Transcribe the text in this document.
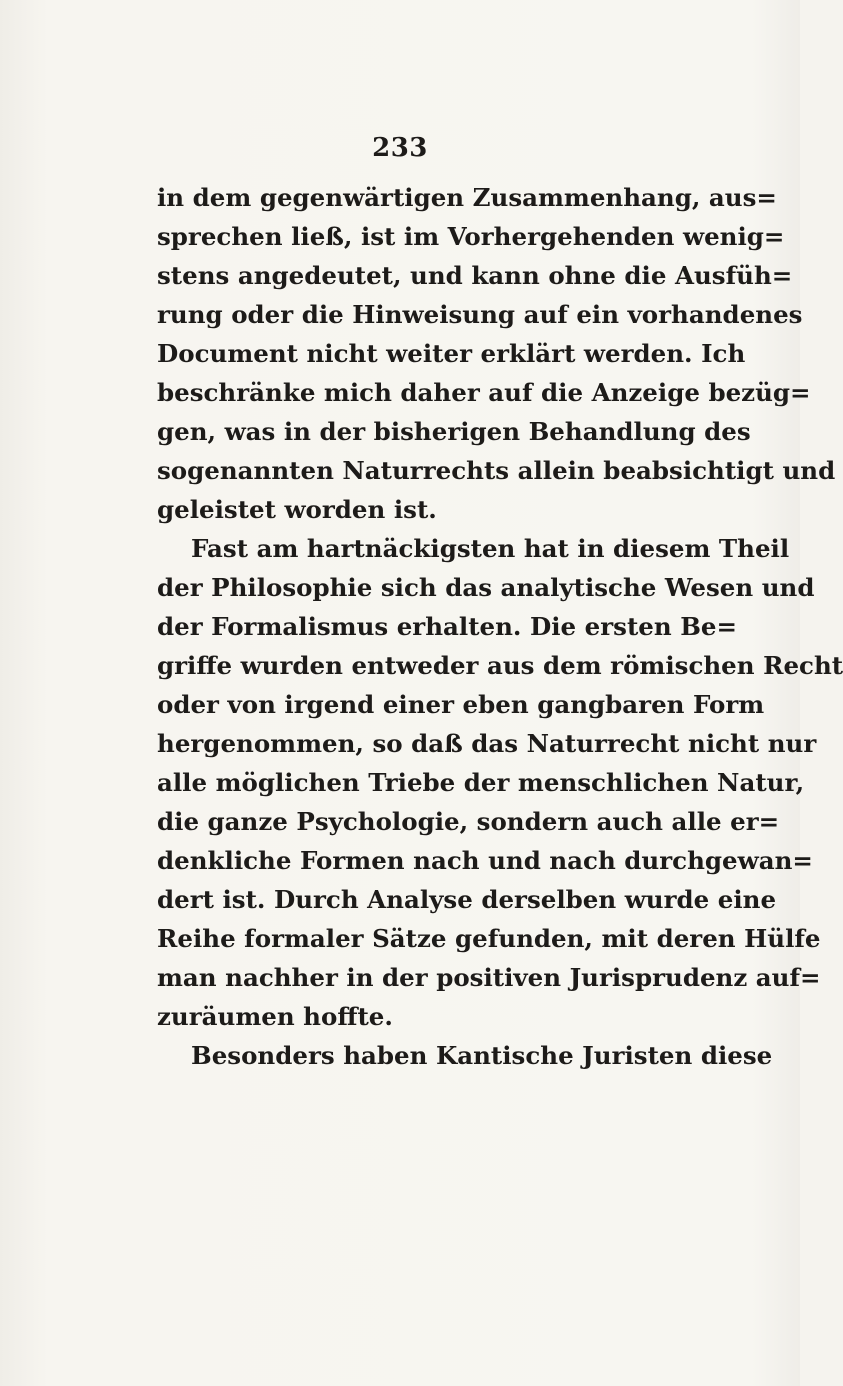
233
in dem gegenwärtigen Zusammenhang, aus=
sprechen ließ, ist im Vorhergehenden wenig=
stens angedeutet, und kann ohne die Ausfüh=
rung oder die Hinweisung auf ein vorhandenes
Document nicht weiter erklärt werden. Ich
beschränke mich daher auf die Anzeige bezüg=
gen, was in der bisherigen Behandlung des
sogenannten Naturrechts allein beabsichtigt und
geleistet worden ist.
Fast am hartnäckigsten hat in diesem Theil
der Philosophie sich das analytische Wesen und
der Formalismus erhalten. Die ersten Be=
griffe wurden entweder aus dem römischen Recht
oder von irgend einer eben gangbaren Form
hergenommen, so daß das Naturrecht nicht nur
alle möglichen Triebe der menschlichen Natur,
die ganze Psychologie, sondern auch alle er=
denkliche Formen nach und nach durchgewan=
dert ist. Durch Analyse derselben wurde eine
Reihe formaler Sätze gefunden, mit deren Hülfe
man nachher in der positiven Jurisprudenz auf=
zuräumen hoffte.
Besonders haben Kantische Juristen diese
